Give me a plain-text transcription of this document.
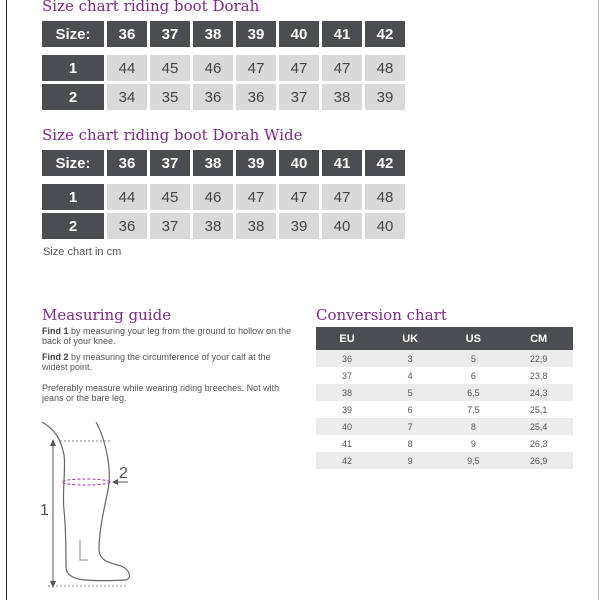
Size chart riding boot Dorah
Size:	36	37	38	39	40	41	42

1	44	45	46	47	47	47	48
2	34	35	36	36	37	38	39
Size chart riding boot Dorah Wide
Size:	36	37	38	39	40	41	42

1	44	45	46	47	47	47	48
2	36	37	38	38	39	40	40
Size chart in cm
Measuring guide
Find 1 by measuring your leg from the ground to hollow on the back of your knee.
Find 2 by measuring the circumference of your calf at the widest point.
Preferably measure while wearing riding breeches. Not with jeans or the bare leg.
1
2
Conversion chart
EU	UK	US	CM
36	3	5	22,9
37	4	6	23,8
38	5	6,5	24,3
39	6	7,5	25,1
40	7	8	25,4
41	8	9	26,3
42	9	9,5	26,9
